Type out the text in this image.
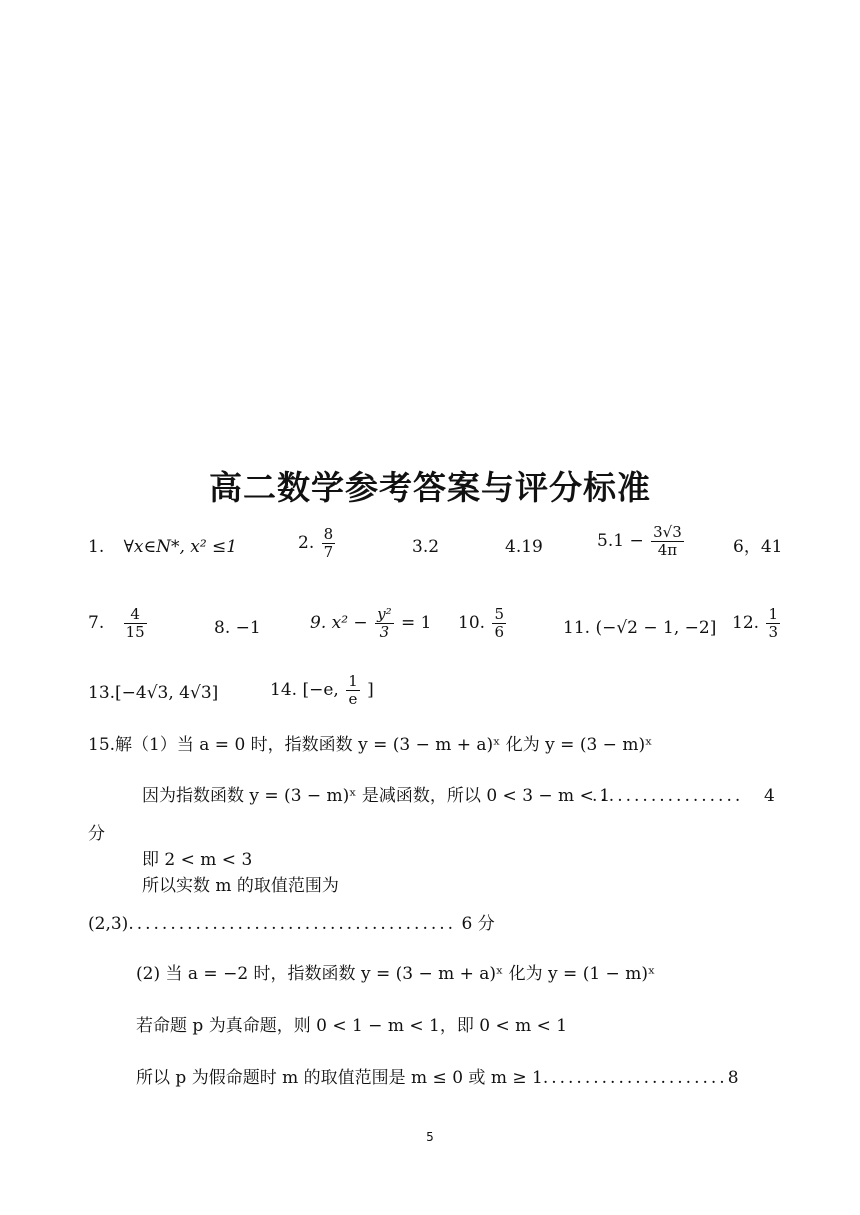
高二数学参考答案与评分标准
1. ∀x∈N*, x² ≤1	2. $\frac{8}{7}$	3.2	4.19	$5.1 - \frac{3√3}{4\pi}$	6，41
7. $\frac{4}{15}$	8. −1	9. $x^2 - \frac{\text{y²}}{3} = 1$ 10. $\frac{5}{6}$	11. (−√2 − 1, −2] 12. $\frac{1}{3}$
13.[−4√3, 4√3]	14. [−e, $\frac{1}{e}$ ]
15.解（1）当 a = 0 时，指数函数 y = (3 − m + a)ˣ 化为 y = (3 − m)ˣ
因为指数函数 y = (3 − m)ˣ 是减函数，所以 0 < 3 − m < 1
.................. 4
分
即 2 < m < 3
所以实数 m 的取值范围为
(2,3)....................................... 6 分
(2) 当 a = −2 时，指数函数 y = (3 − m + a)ˣ 化为 y = (1 − m)ˣ
若命题 p 为真命题，则 0 < 1 − m < 1，即 0 < m < 1
所以 p 为假命题时 m 的取值范围是 m ≤ 0 或 m ≥ 1......................8
5
